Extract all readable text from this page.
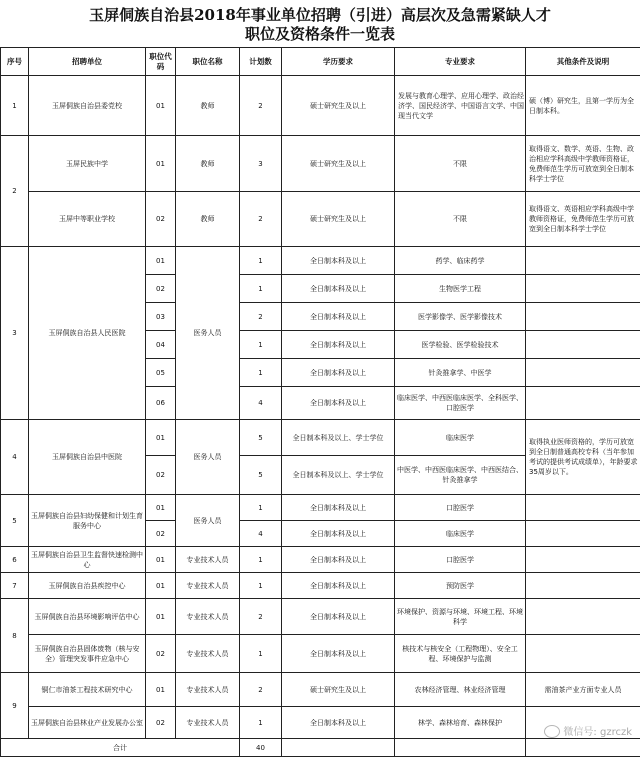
玉屏侗族自治县2018年事业单位招聘（引进）高层次及急需紧缺人才
职位及资格条件一览表
序号	招聘单位	职位代码	职位名称	计划数	学历要求	专业要求	其他条件及说明
1	玉屏侗族自治县委党校	01	教师	2	硕士研究生及以上	发展与教育心理学、应用心理学、政治经济学、国民经济学、中国语言文学、中国现当代文学	硕（博）研究生，且第一学历为全日制本科。
2	玉屏民族中学	01	教师	3	硕士研究生及以上	不限	取得语文、数学、英语、生物、政治相应学科高级中学教师资格证，免费师范生学历可放宽到全日制本科学士学位
	玉屏中等职业学校	02	教师	2	硕士研究生及以上	不限	取得语文、英语相应学科高级中学教师资格证，免费师范生学历可放宽到全日制本科学士学位
3	玉屏侗族自治县人民医院	01	医务人员	1	全日制本科及以上	药学、临床药学	
		02		1	全日制本科及以上	生物医学工程	
		03		2	全日制本科及以上	医学影像学、医学影像技术	
		04		1	全日制本科及以上	医学检验、医学检验技术	
		05		1	全日制本科及以上	针灸推拿学、中医学	
		06		4	全日制本科及以上	临床医学、中西医临床医学、全科医学、口腔医学	
4	玉屏侗族自治县中医院	01	医务人员	5	全日制本科及以上、学士学位	临床医学	取得执业医师资格的，学历可放宽到全日制普通高校专科（当年参加考试的提供考试成绩单），年龄要求35周岁以下。
		02		5	全日制本科及以上、学士学位	中医学、中西医临床医学、中西医结合、针灸推拿学	
5	玉屏侗族自治县妇幼保健和计划生育服务中心	01	医务人员	1	全日制本科及以上	口腔医学	
		02		4	全日制本科及以上	临床医学	
6	玉屏侗族自治县卫生监督快速检测中心	01	专业技术人员	1	全日制本科及以上	口腔医学	
7	玉屏侗族自治县疾控中心	01	专业技术人员	1	全日制本科及以上	预防医学	
8	玉屏侗族自治县环境影响评估中心	01	专业技术人员	2	全日制本科及以上	环境保护、资源与环境、环境工程、环境科学	
	玉屏侗族自治县固体废物（核与安全）管理突发事件应急中心	02	专业技术人员	1	全日制本科及以上	核技术与核安全（工程物理）、安全工程、环境保护与监测	
9	铜仁市油茶工程技术研究中心	01	专业技术人员	2	硕士研究生及以上	农林经济管理、林业经济管理	需油茶产业方面专业人员
	玉屏侗族自治县林业产业发展办公室	02	专业技术人员	1	全日制本科及以上	林学、森林培育、森林保护	
合计				40			
微信号: gzrczk
